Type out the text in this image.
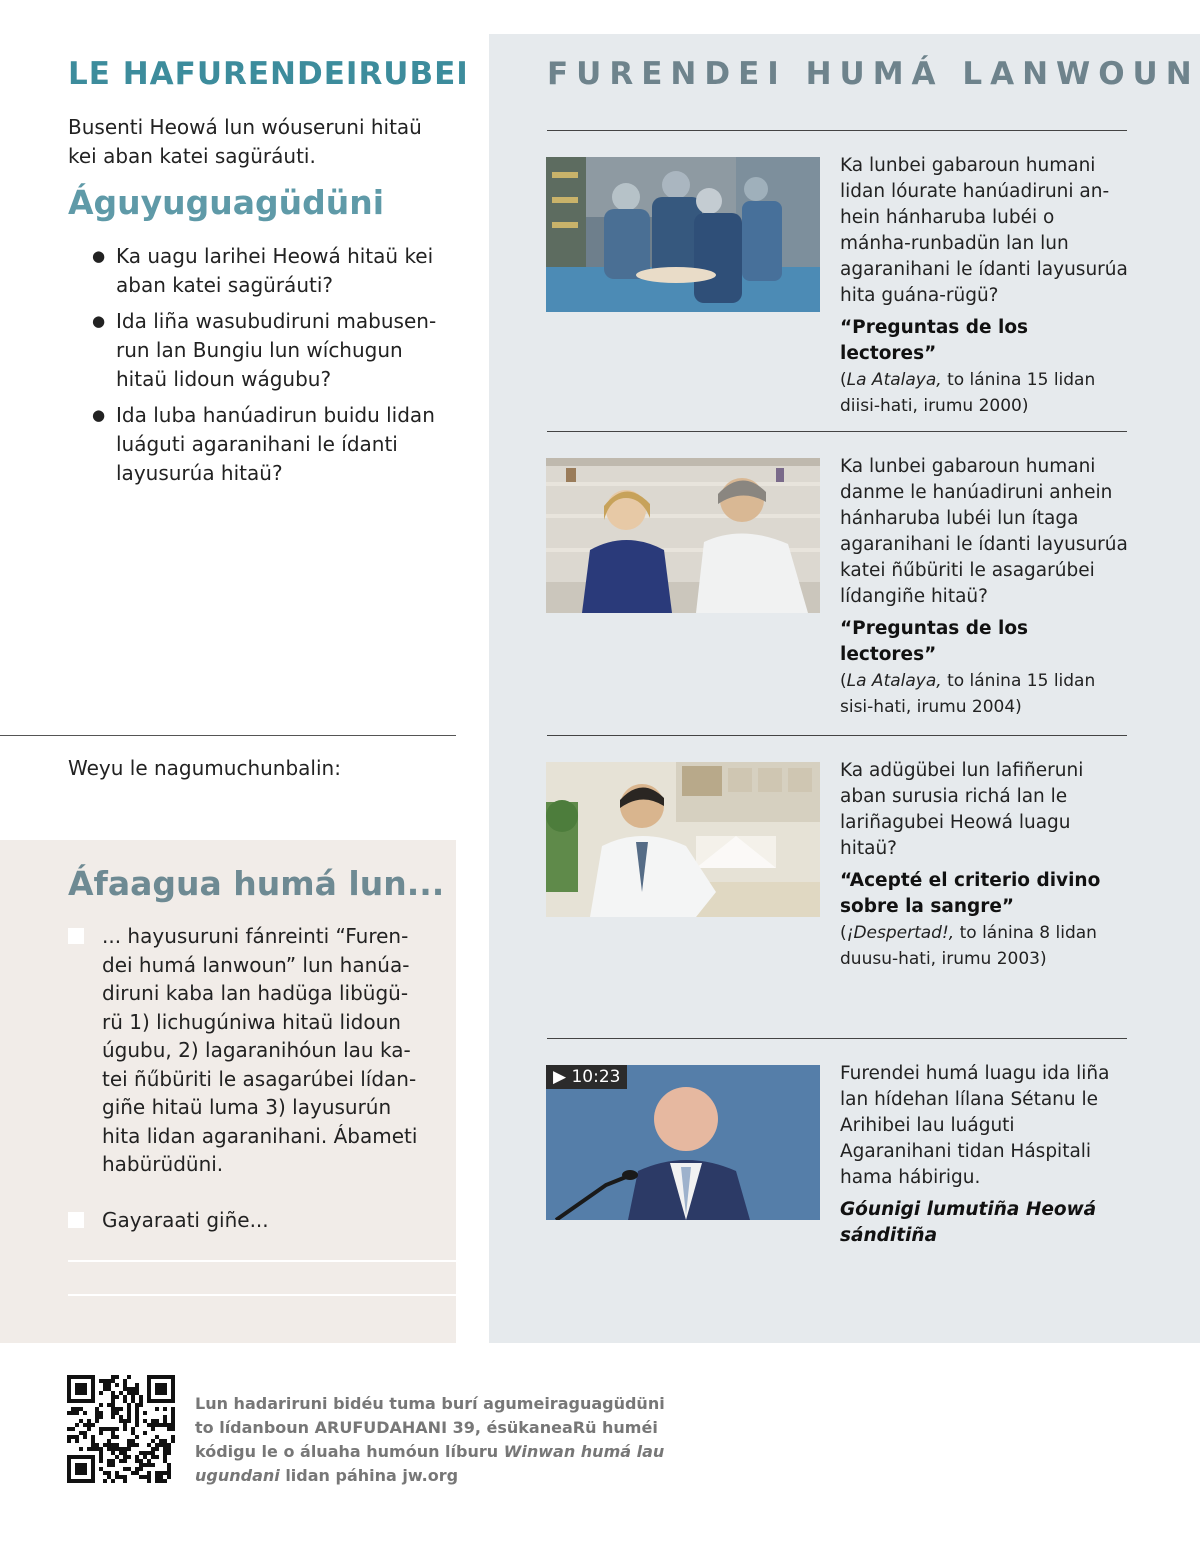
LE HAFURENDEIRUBEI
Busenti Heowá lun wóuseruni hitaü kei aban katei sagüráuti.
Águyuguagüdüni
● Ka uagu larihei Heowá hitaü kei aban katei sagüráuti?
● Ida liña wasubudiruni mabusen-run lan Bungiu lun wíchugun hitaü lidoun wágubu?
● Ida luba hanúadirun buidu lidan luáguti agaranihani le ídanti layusurúa hitaü?
Weyu le nagumuchunbalin:
Áfaagua humá lun...
... hayusuruni fánreinti “Furen-dei humá lanwoun” lun hanúa-diruni kaba lan hadüga libügü-rü 1) lichugúniwa hitaü lidoun úgubu, 2) lagaranihóun lau ka-tei ñűbüriti le asagarúbei lídan-giñe hitaü luma 3) layusurún hita lidan agaranihani. Ábameti habürüdüni.
Gayaraati giñe...
FURENDEI HUMÁ LANWOUN
Ka lunbei gabaroun humani lidan lóurate hanúadiruni an-hein hánharuba lubéi o mánha-runbadün lan lun agaranihani le ídanti layusurúa hita guána-rügü?
“Preguntas de los lectores”
(La Atalaya, to lánina 15 lidan diisi-hati, irumu 2000)
Ka lunbei gabaroun humani danme le hanúadiruni anhein hánharuba lubéi lun ítaga agaranihani le ídanti layusurúa katei ñűbüriti le asagarúbei lídangiñe hitaü?
“Preguntas de los lectores”
(La Atalaya, to lánina 15 lidan sisi-hati, irumu 2004)
Ka adügübei lun lafiñeruni aban surusia richá lan le lariñagubei Heowá luagu hitaü?
“Acepté el criterio divino sobre la sangre” (¡Despertad!, to lánina 8 lidan duusu-hati, irumu 2003)
▶ 10:23	Furendei humá luagu ida liña lan hídehan lílana Sétanu le Arihibei lau luáguti Agaranihani tidan Háspitali hama hábirigu.
Góunigi lumutiña Heowá sánditiña
Lun hadariruni bidéu tuma burí agumeiraguagüdüni to lídanboun ARUFUDAHANI 39, ésükaneaRü huméi kódigu le o áluaha humóun líburu Winwan humá lau ugundani lidan páhina jw.org
